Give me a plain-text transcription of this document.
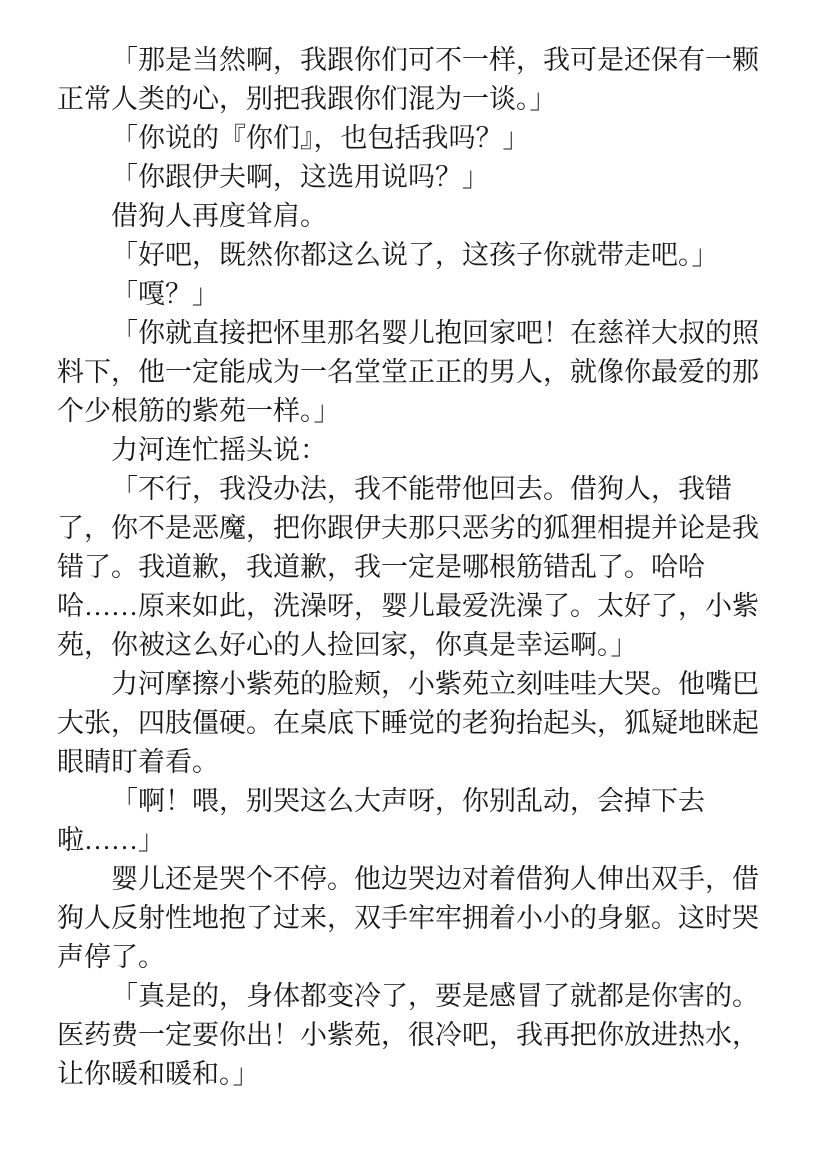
「那是当然啊，我跟你们可不一样，我可是还保有一颗

正常人类的心，别把我跟你们混为一谈。」

「你说的『你们』，也包括我吗？」

「你跟伊夫啊，这选用说吗？」

借狗人再度耸肩。

「好吧，既然你都这么说了，这孩子你就带走吧。」

「嘎？」

「你就直接把怀里那名婴儿抱回家吧！在慈祥大叔的照

料下，他一定能成为一名堂堂正正的男人，就像你最爱的那

个少根筋的紫苑一样。」

力河连忙摇头说：

「不行，我没办法，我不能带他回去。借狗人，我错

了，你不是恶魔，把你跟伊夫那只恶劣的狐狸相提并论是我

错了。我道歉，我道歉，我一定是哪根筋错乱了。哈哈

哈……原来如此，洗澡呀，婴儿最爱洗澡了。太好了，小紫

苑，你被这么好心的人捡回家，你真是幸运啊。」

力河摩擦小紫苑的脸颊，小紫苑立刻哇哇大哭。他嘴巴

大张，四肢僵硬。在桌底下睡觉的老狗抬起头，狐疑地眯起

眼睛盯着看。

「啊！喂，别哭这么大声呀，你别乱动，会掉下去

啦……」

婴儿还是哭个不停。他边哭边对着借狗人伸出双手，借

狗人反射性地抱了过来，双手牢牢拥着小小的身躯。这时哭

声停了。

「真是的，身体都变冷了，要是感冒了就都是你害的。

医药费一定要你出！小紫苑，很冷吧，我再把你放进热水，

让你暖和暖和。」
